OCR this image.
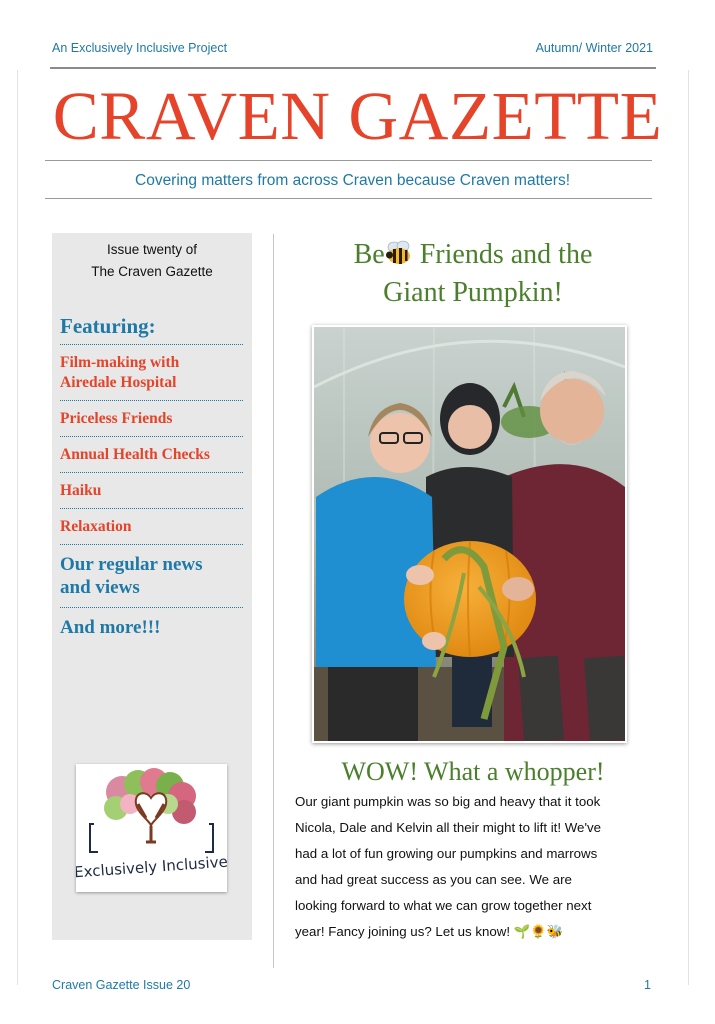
An Exclusively Inclusive Project	Autumn/ Winter 2021
CRAVEN GAZETTE
Covering matters from across Craven because Craven matters!
Issue twenty of
The Craven Gazette
Featuring:
Film-making with
Airedale Hospital
Priceless Friends
Annual Health Checks
Haiku
Relaxation
Our regular news
and views
And more!!!
Exclusively Inclusive
Be Friends and the
Giant Pumpkin!
WOW! What a whopper!
Our giant pumpkin was so big and heavy that it took
Nicola, Dale and Kelvin all their might to lift it! We've
had a lot of fun growing our pumpkins and marrows
and had great success as you can see. We are
looking forward to what we can grow together next
year! Fancy joining us? Let us know! 🌱🌻🐝
Craven Gazette Issue 20	1
